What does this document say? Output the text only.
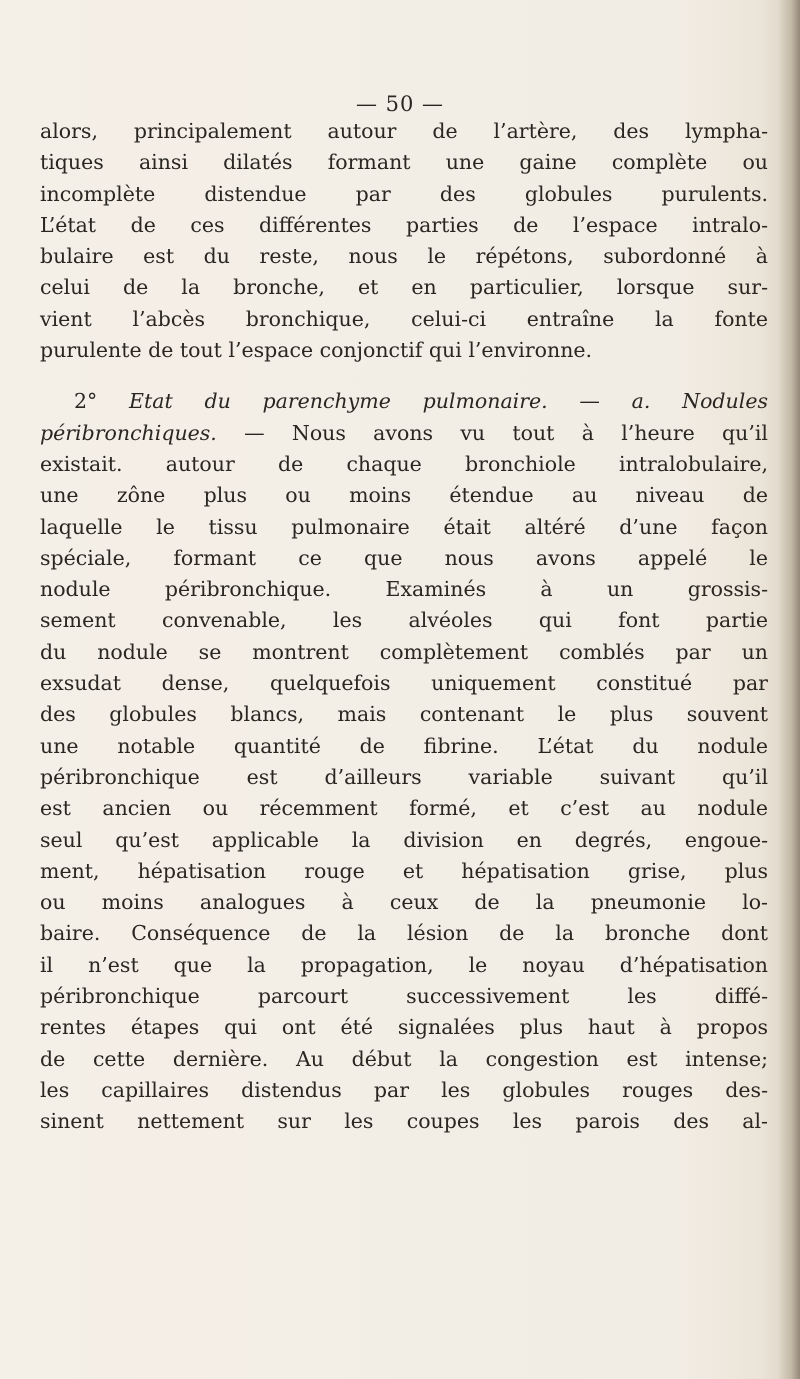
— 50 —
alors, principalement autour de l’artère, des lympha-
tiques ainsi dilatés formant une gaine complète ou
incomplète distendue par des globules purulents.
L’état de ces différentes parties de l’espace intralo-
bulaire est du reste, nous le répétons, subordonné à
celui de la bronche, et en particulier, lorsque sur-
vient l’abcès bronchique, celui-ci entraîne la fonte
purulente de tout l’espace conjonctif qui l’environne.
2° Etat du parenchyme pulmonaire. — a. Nodules
péribronchiques. — Nous avons vu tout à l’heure qu’il
existait. autour de chaque bronchiole intralobulaire,
une zône plus ou moins étendue au niveau de
laquelle le tissu pulmonaire était altéré d’une façon
spéciale, formant ce que nous avons appelé le
nodule péribronchique. Examinés à un grossis-
sement convenable, les alvéoles qui font partie
du nodule se montrent complètement comblés par un
exsudat dense, quelquefois uniquement constitué par
des globules blancs, mais contenant le plus souvent
une notable quantité de fibrine. L’état du nodule
péribronchique est d’ailleurs variable suivant qu’il
est ancien ou récemment formé, et c’est au nodule
seul qu’est applicable la division en degrés, engoue-
ment, hépatisation rouge et hépatisation grise, plus
ou moins analogues à ceux de la pneumonie lo-
baire. Conséquence de la lésion de la bronche dont
il n’est que la propagation, le noyau d’hépatisation
péribronchique parcourt successivement les diffé-
rentes étapes qui ont été signalées plus haut à propos
de cette dernière. Au début la congestion est intense;
les capillaires distendus par les globules rouges des-
sinent nettement sur les coupes les parois des al-
